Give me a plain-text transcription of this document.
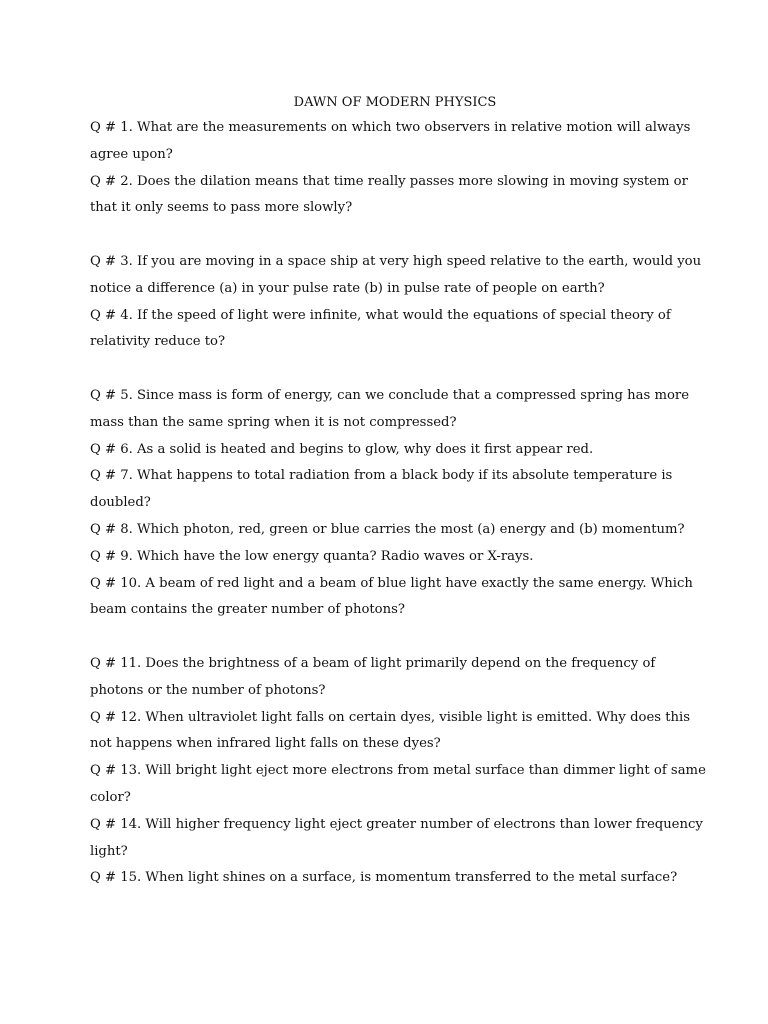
DAWN OF MODERN PHYSICS
Q # 1. What are the measurements on which two observers in relative motion will always
agree upon?
Q # 2. Does the dilation means that time really passes more slowing in moving system or
that it only seems to pass more slowly?
Q # 3. If you are moving in a space ship at very high speed relative to the earth, would you
notice a difference (a) in your pulse rate (b) in pulse rate of people on earth?
Q # 4. If the speed of light were infinite, what would the equations of special theory of
relativity reduce to?
Q # 5. Since mass is form of energy, can we conclude that a compressed spring has more
mass than the same spring when it is not compressed?
Q # 6. As a solid is heated and begins to glow, why does it first appear red.
Q # 7. What happens to total radiation from a black body if its absolute temperature is
doubled?
Q # 8. Which photon, red, green or blue carries the most (a) energy and (b) momentum?
Q # 9. Which have the low energy quanta? Radio waves or X-rays.
Q # 10. A beam of red light and a beam of blue light have exactly the same energy. Which
beam contains the greater number of photons?
Q # 11. Does the brightness of a beam of light primarily depend on the frequency of
photons or the number of photons?
Q # 12. When ultraviolet light falls on certain dyes, visible light is emitted. Why does this
not happens when infrared light falls on these dyes?
Q # 13. Will bright light eject more electrons from metal surface than dimmer light of same
color?
Q # 14. Will higher frequency light eject greater number of electrons than lower frequency
light?
Q # 15. When light shines on a surface, is momentum transferred to the metal surface?
